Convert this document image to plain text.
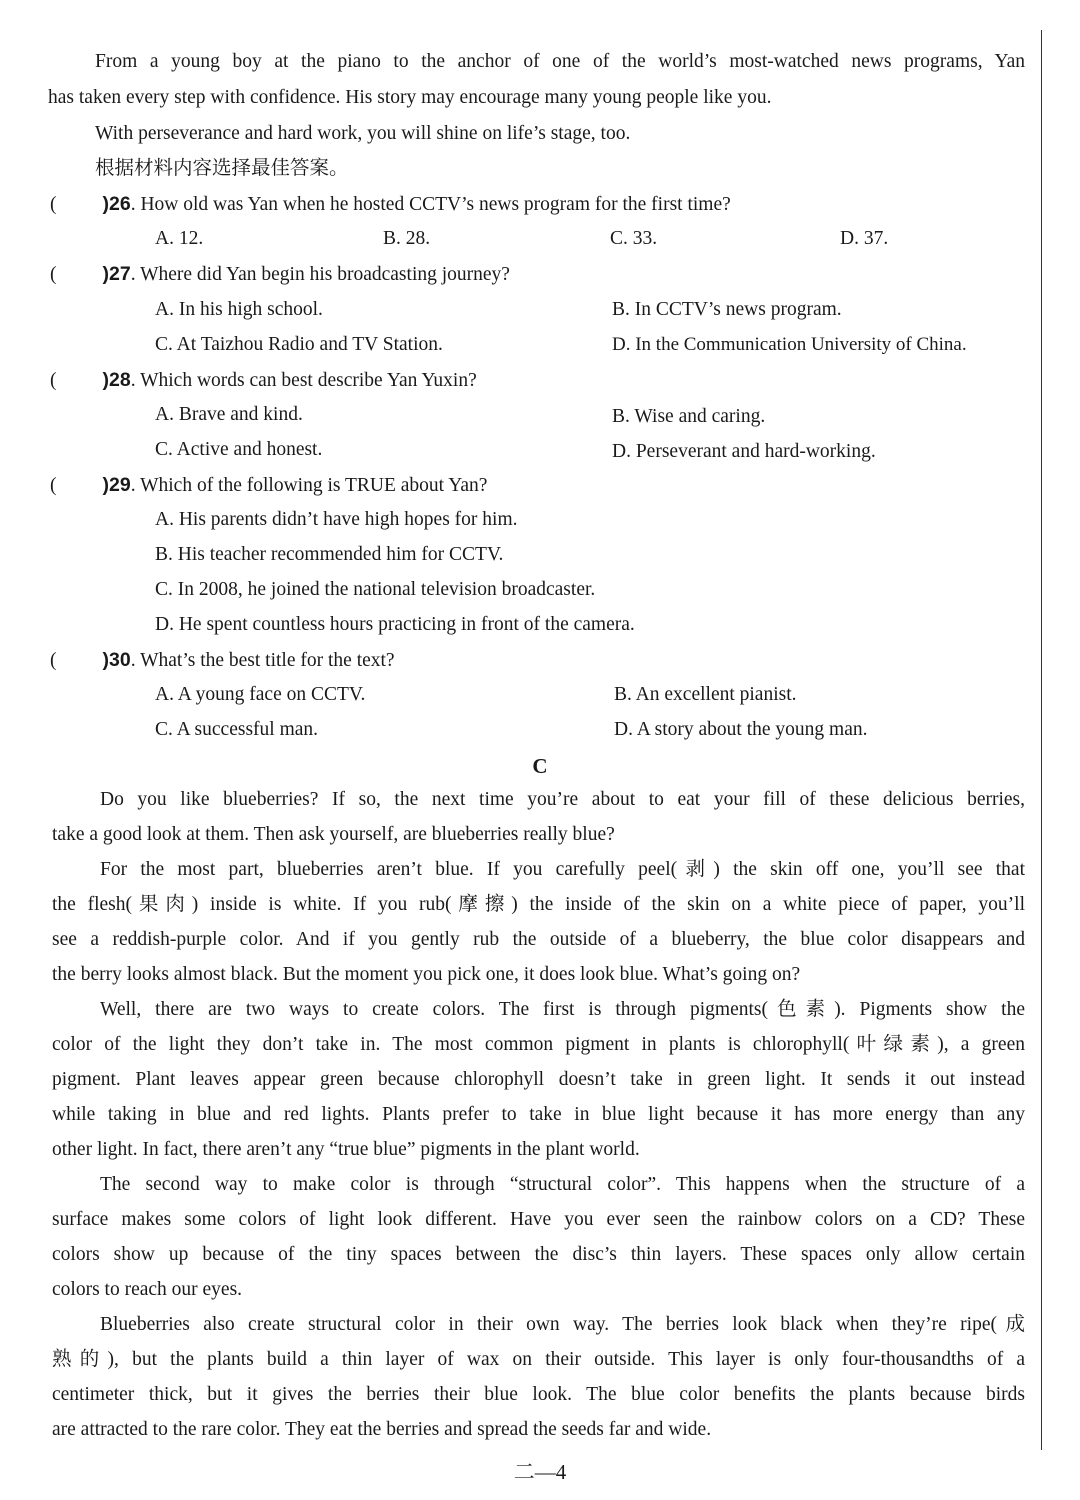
From a young boy at the piano to the anchor of one of the world’s most-watched news programs, Yan
has taken every step with confidence. His story may encourage many young people like you.
With perseverance and hard work, you will shine on life’s stage, too.
根据材料内容选择最佳答案。
( )26. How old was Yan when he hosted CCTV’s news program for the first time?
A. 12.	B. 28.	C. 33.	D. 37.
( )27. Where did Yan begin his broadcasting journey?
A. In his high school.	B. In CCTV’s news program.
C. At Taizhou Radio and TV Station.	D. In the Communication University of China.
( )28. Which words can best describe Yan Yuxin?
A. Brave and kind.	B. Wise and caring.
C. Active and honest.	D. Perseverant and hard-working.
( )29. Which of the following is TRUE about Yan?
A. His parents didn’t have high hopes for him.
B. His teacher recommended him for CCTV.
C. In 2008, he joined the national television broadcaster.
D. He spent countless hours practicing in front of the camera.
( )30. What’s the best title for the text?
A. A young face on CCTV.	B. An excellent pianist.
C. A successful man.	D. A story about the young man.
C
Do you like blueberries? If so, the next time you’re about to eat your fill of these delicious berries,
take a good look at them. Then ask yourself, are blueberries really blue?
For the most part, blueberries aren’t blue. If you carefully peel(剥) the skin off one, you’ll see that
the flesh(果肉) inside is white. If you rub(摩擦) the inside of the skin on a white piece of paper, you’ll
see a reddish-purple color. And if you gently rub the outside of a blueberry, the blue color disappears and
the berry looks almost black. But the moment you pick one, it does look blue. What’s going on?
Well, there are two ways to create colors. The first is through pigments(色素). Pigments show the
color of the light they don’t take in. The most common pigment in plants is chlorophyll(叶绿素), a green
pigment. Plant leaves appear green because chlorophyll doesn’t take in green light. It sends it out instead
while taking in blue and red lights. Plants prefer to take in blue light because it has more energy than any
other light. In fact, there aren’t any “true blue” pigments in the plant world.
The second way to make color is through “structural color”. This happens when the structure of a
surface makes some colors of light look different. Have you ever seen the rainbow colors on a CD? These
colors show up because of the tiny spaces between the disc’s thin layers. These spaces only allow certain
colors to reach our eyes.
Blueberries also create structural color in their own way. The berries look black when they’re ripe(成
熟的), but the plants build a thin layer of wax on their outside. This layer is only four-thousandths of a
centimeter thick, but it gives the berries their blue look. The blue color benefits the plants because birds
are attracted to the rare color. They eat the berries and spread the seeds far and wide.
二—4
